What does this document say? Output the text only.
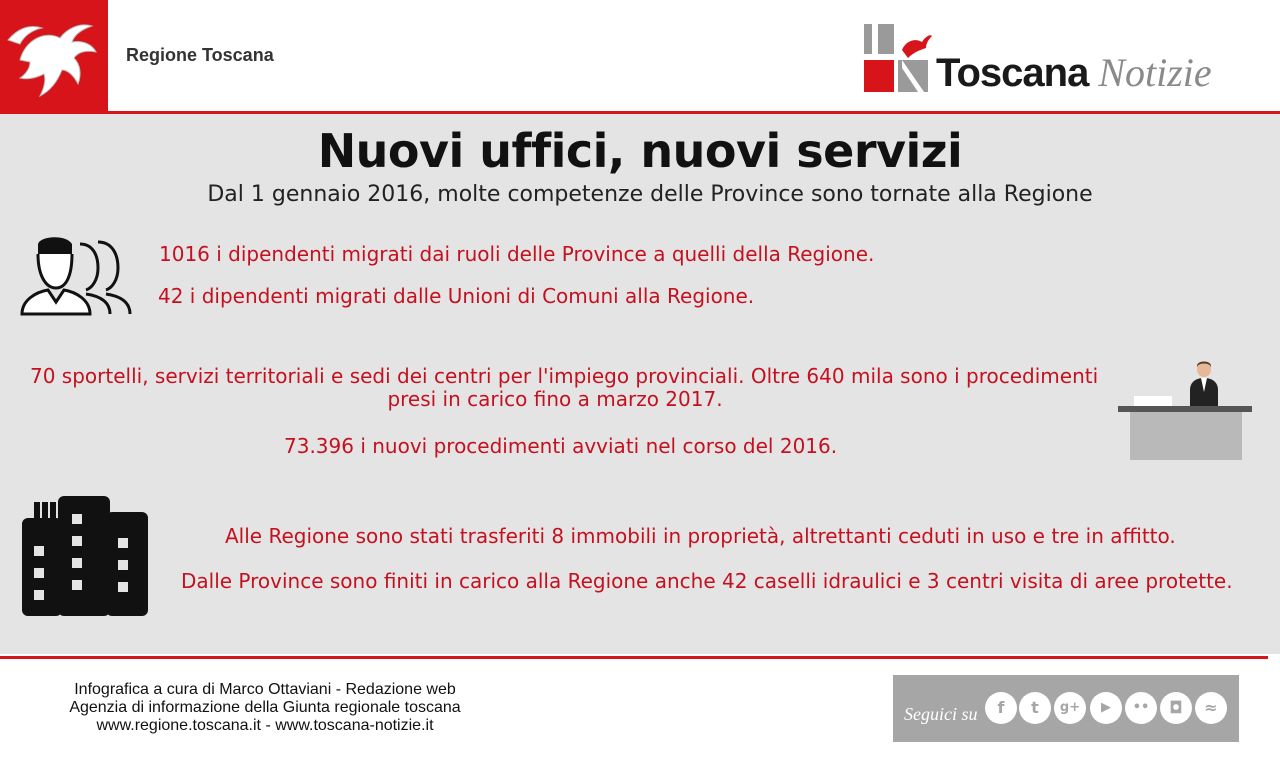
Regione Toscana	Toscana Notizie
Nuovi uffici, nuovi servizi
Dal 1 gennaio 2016, molte competenze delle Province sono tornate alla Regione
1016 i dipendenti migrati dai ruoli delle Province a quelli della Regione.
42 i dipendenti migrati dalle Unioni di Comuni alla Regione.
70 sportelli, servizi territoriali e sedi dei centri per l'impiego provinciali. Oltre 640 mila sono i procedimenti
presi in carico fino a marzo 2017.
73.396 i nuovi procedimenti avviati nel corso del 2016.
Alle Regione sono stati trasferiti 8 immobili in proprietà, altrettanti ceduti in uso e tre in affitto.
Dalle Province sono finiti in carico alla Regione anche 42 caselli idraulici e 3 centri visita di aree protette.
Infografica a cura di Marco Ottaviani - Redazione web
Agenzia di informazione della Giunta regionale toscana
www.regione.toscana.it - www.toscana-notizie.it
Seguici su	f	t	g+	▶	••	◘	≈
